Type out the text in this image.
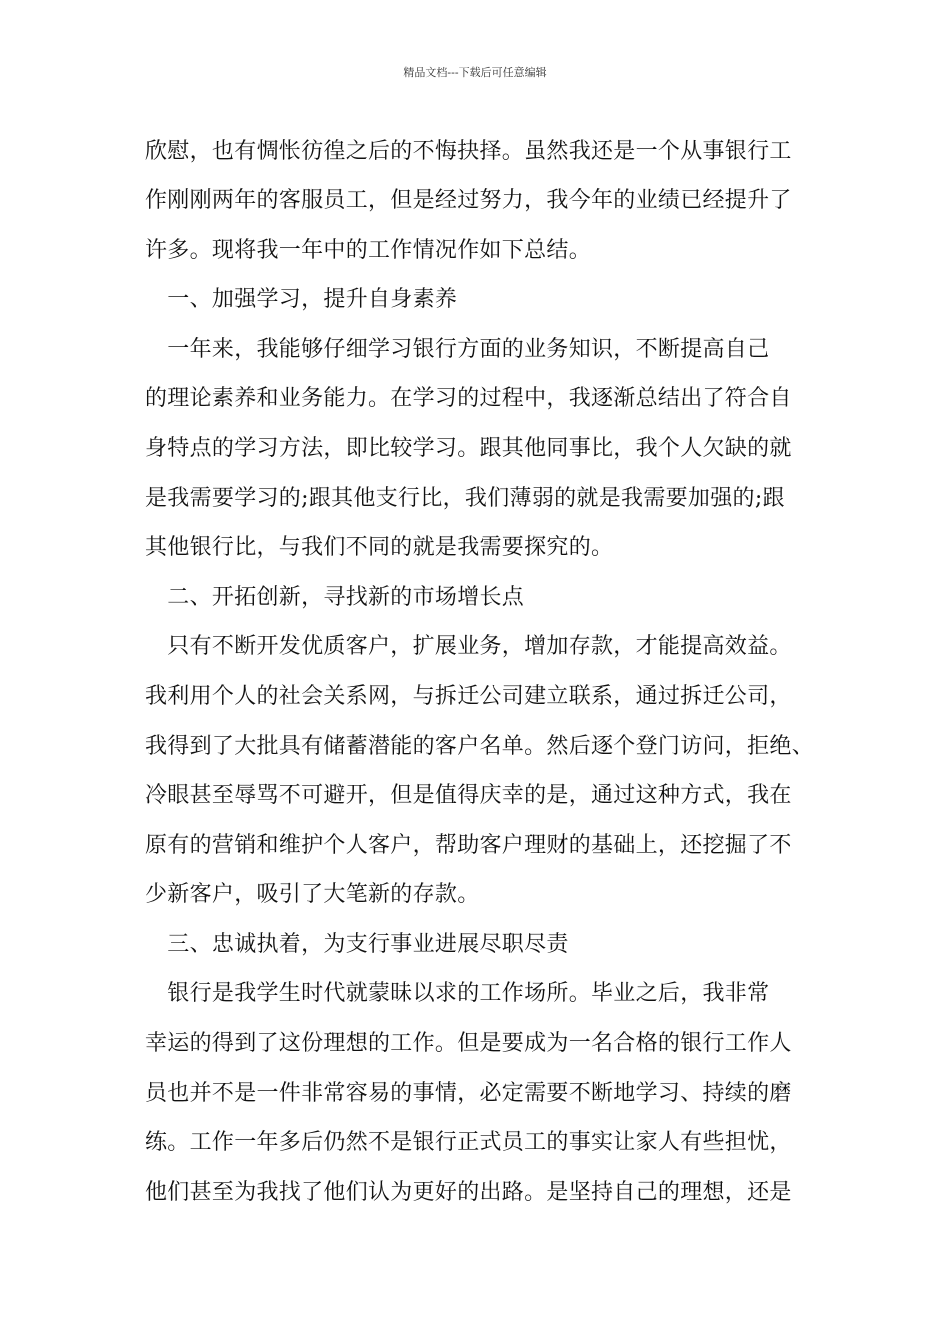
精品文档---下载后可任意编辑
欣慰，也有惆怅彷徨之后的不悔抉择。虽然我还是一个从事银行工
作刚刚两年的客服员工，但是经过努力，我今年的业绩已经提升了
许多。现将我一年中的工作情况作如下总结。
　一、加强学习，提升自身素养
　一年来，我能够仔细学习银行方面的业务知识，不断提高自己
的理论素养和业务能力。在学习的过程中，我逐渐总结出了符合自
身特点的学习方法，即比较学习。跟其他同事比，我个人欠缺的就
是我需要学习的;跟其他支行比，我们薄弱的就是我需要加强的;跟
其他银行比，与我们不同的就是我需要探究的。
　二、开拓创新，寻找新的市场增长点
　只有不断开发优质客户，扩展业务，增加存款，才能提高效益。
我利用个人的社会关系网，与拆迁公司建立联系，通过拆迁公司，
我得到了大批具有储蓄潜能的客户名单。然后逐个登门访问，拒绝、
冷眼甚至辱骂不可避开，但是值得庆幸的是，通过这种方式，我在
原有的营销和维护个人客户，帮助客户理财的基础上，还挖掘了不
少新客户，吸引了大笔新的存款。
　三、忠诚执着，为支行事业进展尽职尽责
　银行是我学生时代就蒙昧以求的工作场所。毕业之后，我非常
幸运的得到了这份理想的工作。但是要成为一名合格的银行工作人
员也并不是一件非常容易的事情，必定需要不断地学习、持续的磨
练。工作一年多后仍然不是银行正式员工的事实让家人有些担忧，
他们甚至为我找了他们认为更好的出路。是坚持自己的理想，还是
